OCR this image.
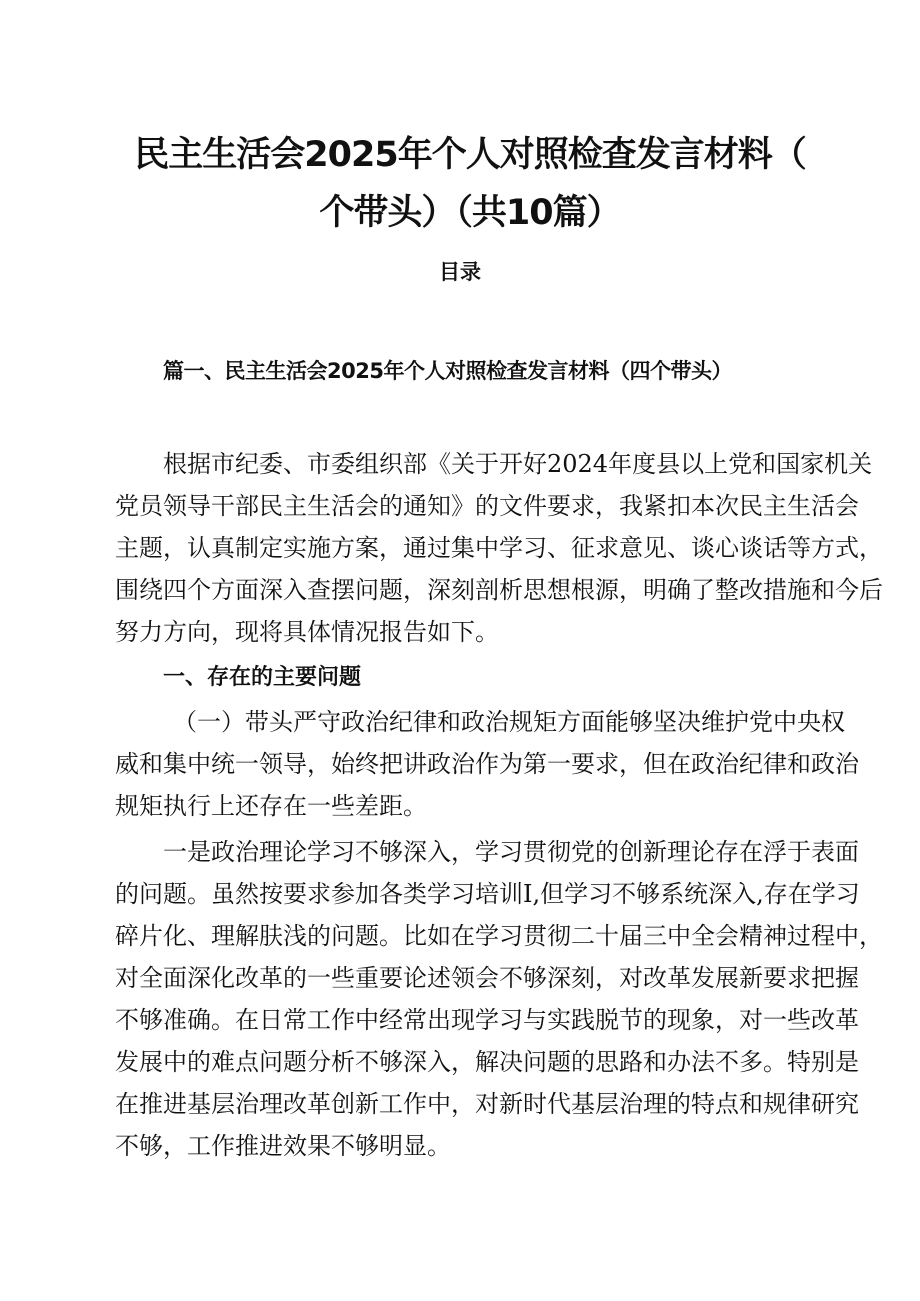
民主生活会2025年个人对照检查发言材料（
个带头）（共10篇）
目录
篇一、民主生活会2025年个人对照检查发言材料（四个带头）
根据市纪委、市委组织部《关于开好2024年度县以上党和国家机关
党员领导干部民主生活会的通知》的文件要求，我紧扣本次民主生活会
主题，认真制定实施方案，通过集中学习、征求意见、谈心谈话等方式，
围绕四个方面深入查摆问题，深刻剖析思想根源，明确了整改措施和今后
努力方向，现将具体情况报告如下。
一、存在的主要问题
（一）带头严守政治纪律和政治规矩方面能够坚决维护党中央权
威和集中统一领导，始终把讲政治作为第一要求，但在政治纪律和政治
规矩执行上还存在一些差距。
一是政治理论学习不够深入，学习贯彻党的创新理论存在浮于表面
的问题。虽然按要求参加各类学习培训I,但学习不够系统深入,存在学习
碎片化、理解肤浅的问题。比如在学习贯彻二十届三中全会精神过程中，
对全面深化改革的一些重要论述领会不够深刻，对改革发展新要求把握
不够准确。在日常工作中经常出现学习与实践脱节的现象，对一些改革
发展中的难点问题分析不够深入，解决问题的思路和办法不多。特别是
在推进基层治理改革创新工作中，对新时代基层治理的特点和规律研究
不够，工作推进效果不够明显。
